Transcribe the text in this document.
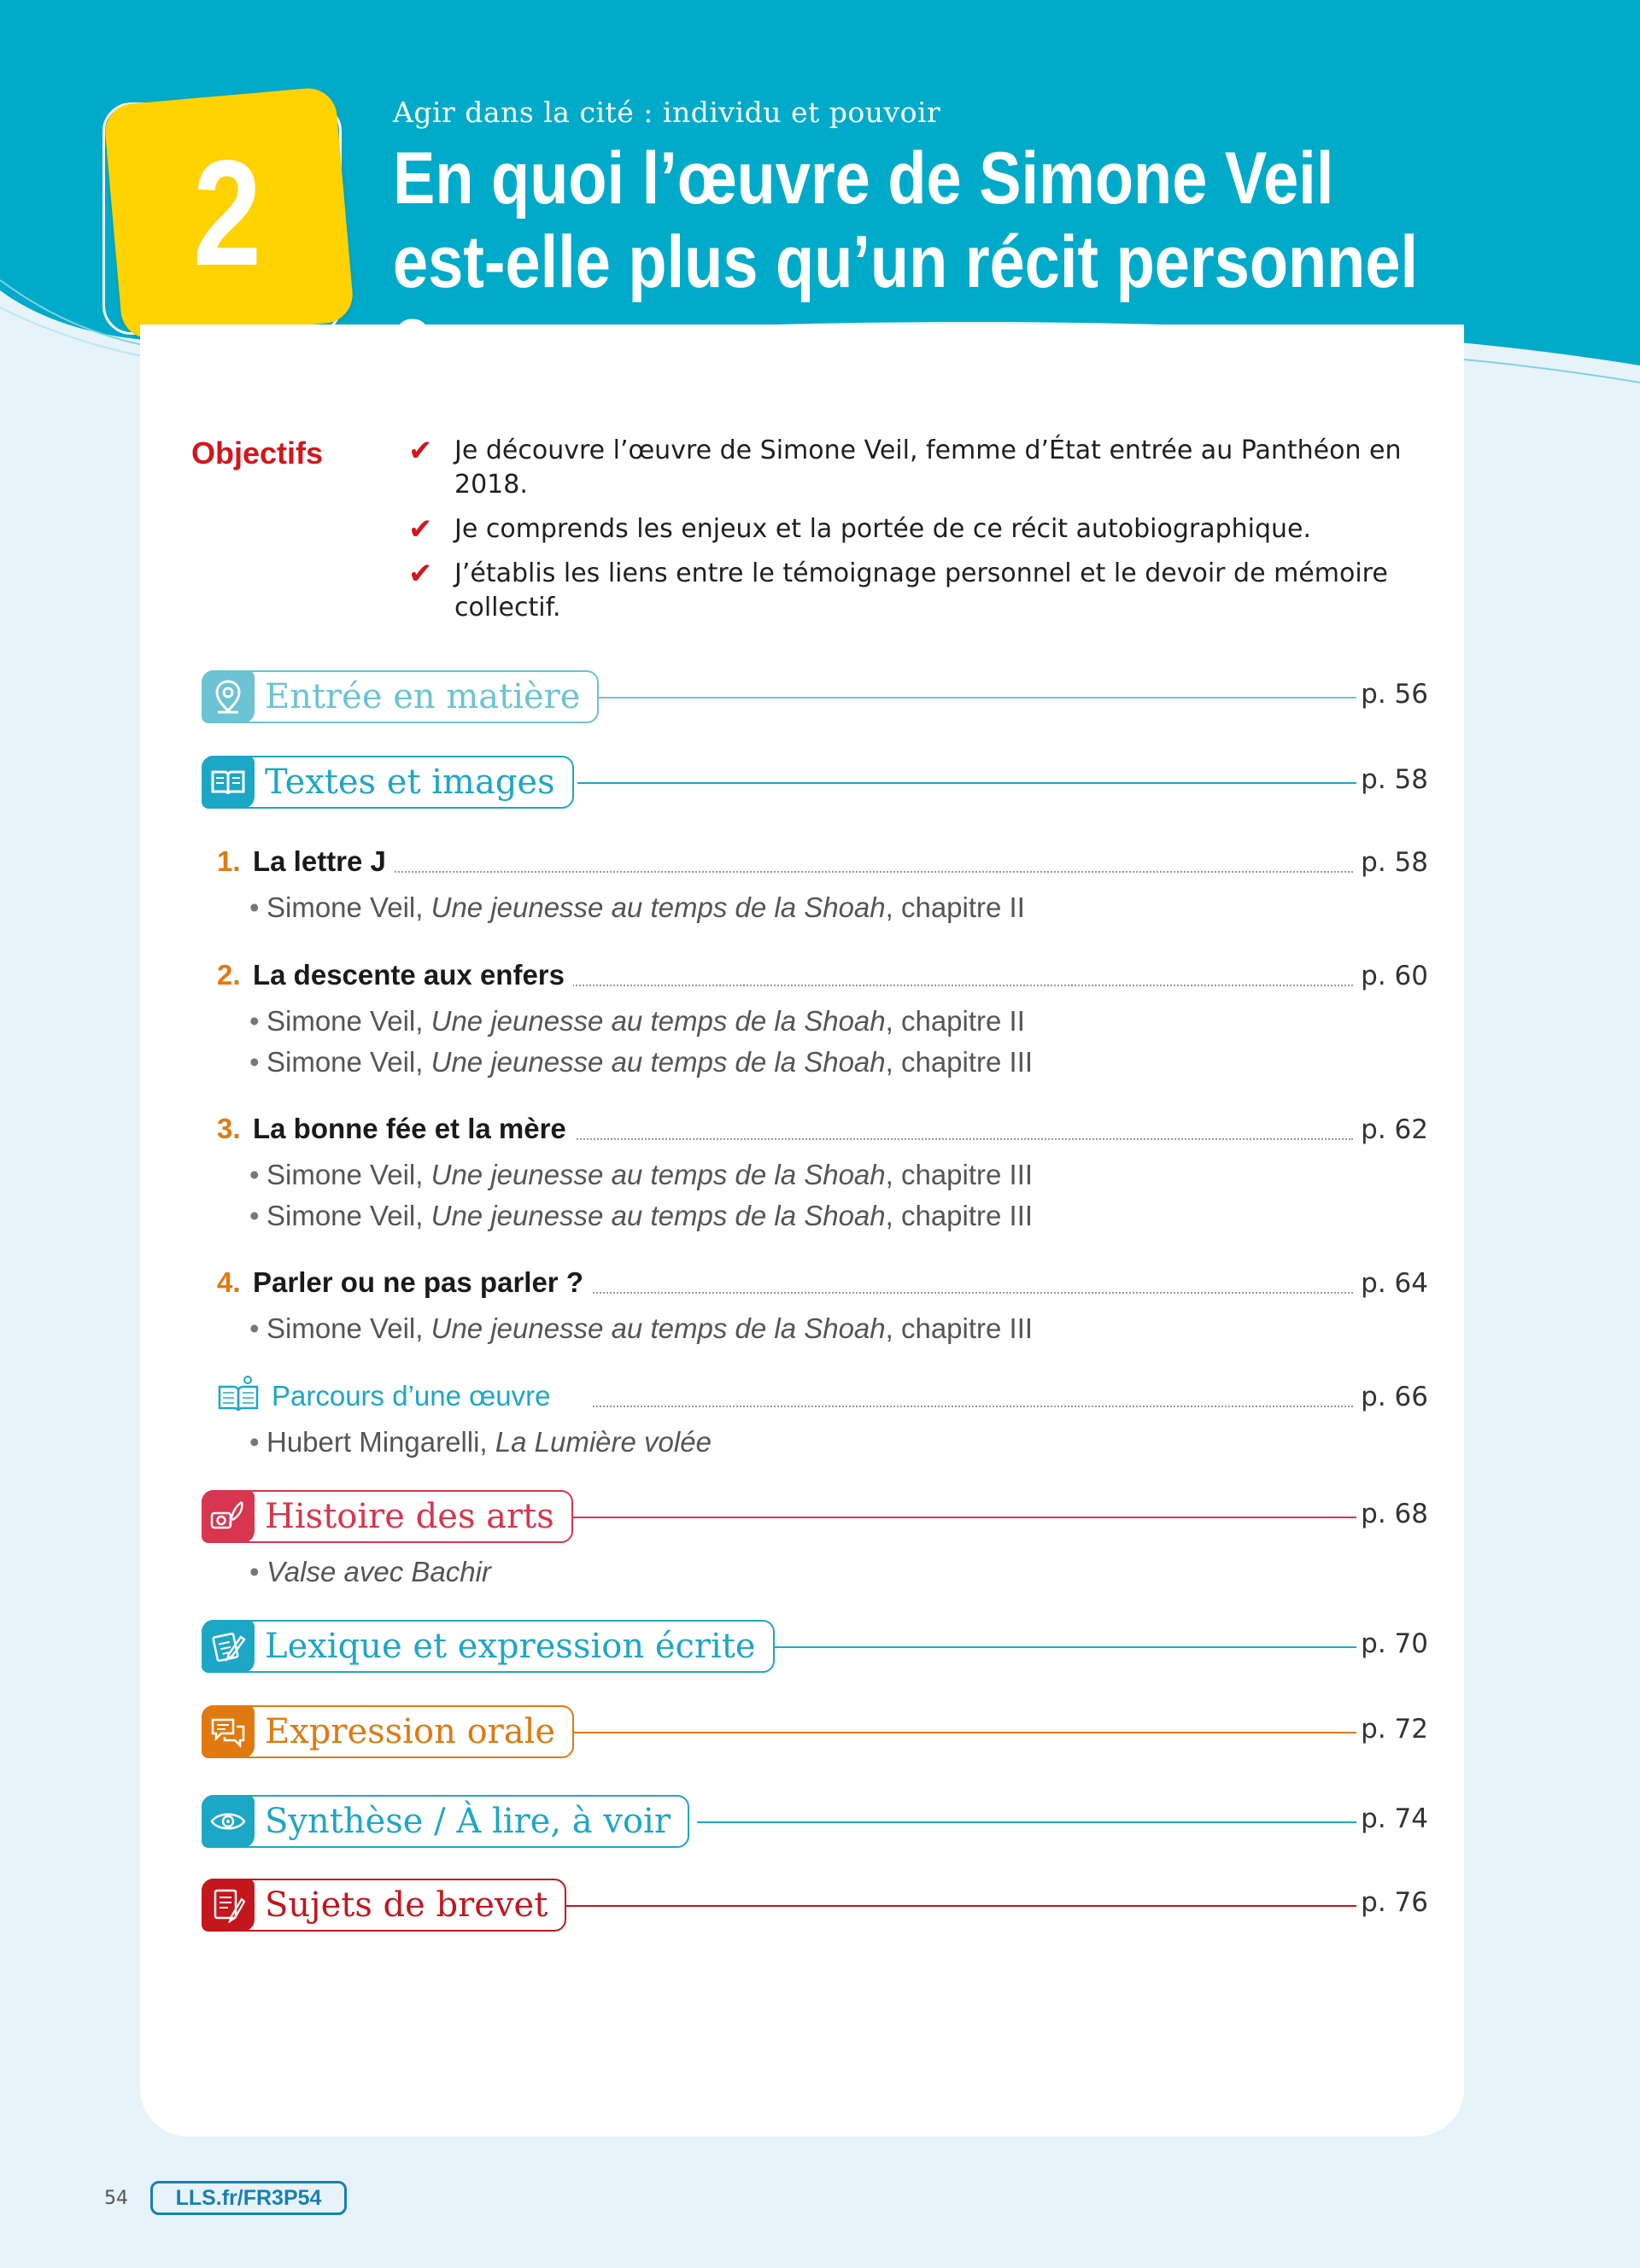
2
Agir dans la cité : individu et pouvoir
En quoi l’œuvre de Simone Veil
est-elle plus qu’un récit personnel
Objectifs	✔ Je découvre l’œuvre de Simone Veil, femme d’État entrée au Panthéon en 2018.
✔ Je comprends les enjeux et la portée de ce récit autobiographique.
✔ J’établis les liens entre le témoignage personnel et le devoir de mémoire collectif.
Entrée en matière	p. 56
Textes et images	p. 58
1. La lettre J	p. 58
• Simone Veil, Une jeunesse au temps de la Shoah, chapitre II
2. La descente aux enfers	p. 60
• Simone Veil, Une jeunesse au temps de la Shoah, chapitre II
• Simone Veil, Une jeunesse au temps de la Shoah, chapitre III
3. La bonne fée et la mère	p. 62
• Simone Veil, Une jeunesse au temps de la Shoah, chapitre III
• Simone Veil, Une jeunesse au temps de la Shoah, chapitre III
4. Parler ou ne pas parler ?	p. 64
• Simone Veil, Une jeunesse au temps de la Shoah, chapitre III
Parcours d’une œuvre	p. 66
• Hubert Mingarelli, La Lumière volée
Histoire des arts	p. 68
• Valse avec Bachir
Lexique et expression écrite	p. 70
Expression orale	p. 72
Synthèse / À lire, à voir	p. 74
Sujets de brevet	p. 76
54	LLS.fr/FR3P54
